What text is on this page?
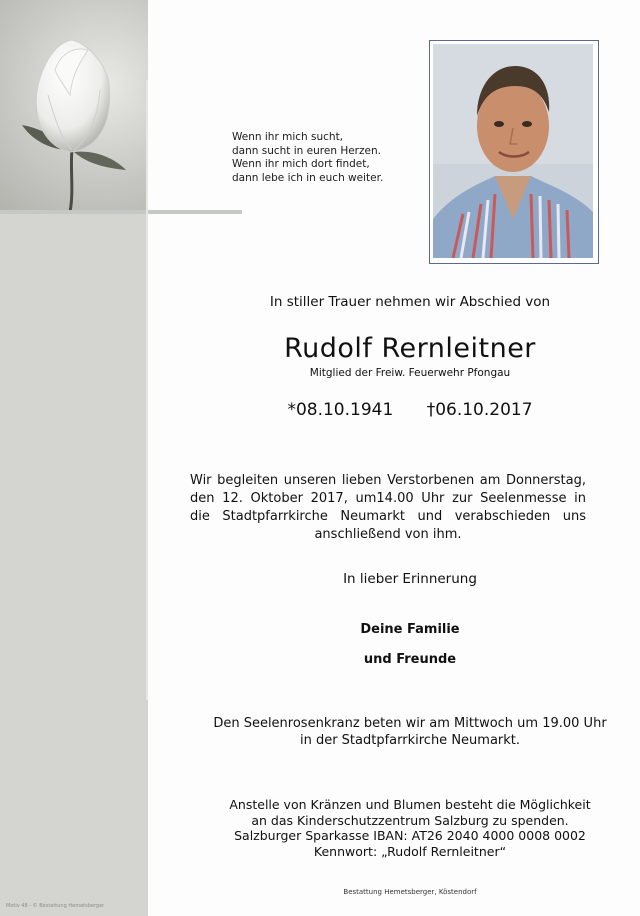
Wenn ihr mich sucht,
dann sucht in euren Herzen.
Wenn ihr mich dort findet,
dann lebe ich in euch weiter.
In stiller Trauer nehmen wir Abschied von
Rudolf Rernleitner
Mitglied der Freiw. Feuerwehr Pfongau
*08.10.1941 †06.10.2017
Wir begleiten unseren lieben Verstorbenen am Donnerstag,
den 12. Oktober 2017, um14.00 Uhr zur Seelenmesse in
die Stadtpfarrkirche Neumarkt und verabschieden uns
anschließend von ihm.
In lieber Erinnerung
Deine Familie
und Freunde
Den Seelenrosenkranz beten wir am Mittwoch um 19.00 Uhr
in der Stadtpfarrkirche Neumarkt.
Anstelle von Kränzen und Blumen besteht die Möglichkeit
an das Kinderschutzzentrum Salzburg zu spenden.
Salzburger Sparkasse IBAN: AT26 2040 4000 0008 0002
Kennwort: „Rudolf Rernleitner“
Bestattung Hemetsberger, Köstendorf
Motiv 48 - © Bestattung Hemetsberger
